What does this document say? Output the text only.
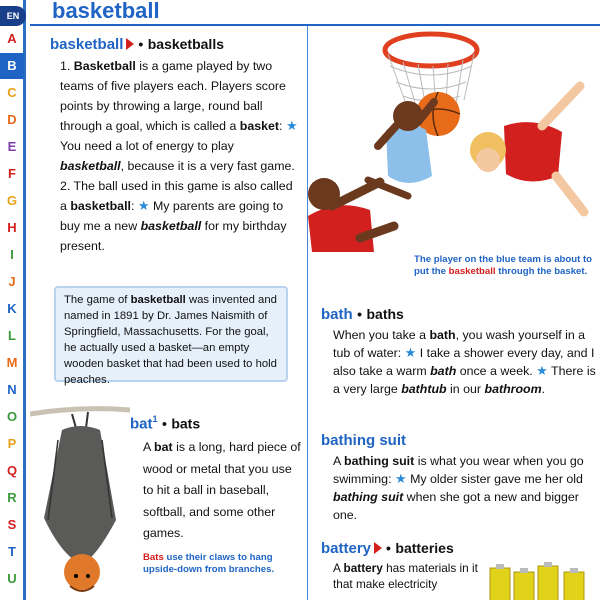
EN
A
B
C
D
E
F
G
H
I
J
K
L
M
N
O
P
Q
R
S
T
U
basketball
basketball • basketballs
1. Basketball is a game played by two teams of five players each. Players score points by throwing a large, round ball through a goal, which is called a basket: ★ You need a lot of energy to play basketball, because it is a very fast game.
2. The ball used in this game is also called a basketball: ★ My parents are going to buy me a new basketball for my birthday present.
The game of basketball was invented and named in 1891 by Dr. James Naismith of Springfield, Massachusetts. For the goal, he actually used a basket—an empty wooden basket that had been used to hold peaches.
The player on the blue team is about to put the basketball through the basket.
bat$^1$ • bats
A bat is a long, hard piece of wood or metal that you use to hit a ball in baseball, softball, and some other games.
Bats use their claws to hang upside-down from branches.
bath • baths
When you take a bath, you wash yourself in a tub of water: ★ I take a shower every day, and I also take a warm bath once a week. ★ There is a very large bathtub in our bathroom.
bathing suit
A bathing suit is what you wear when you go swimming: ★ My older sister gave me her old bathing suit when she got a new and bigger one.
battery • batteries
A battery has materials in it that make electricity
